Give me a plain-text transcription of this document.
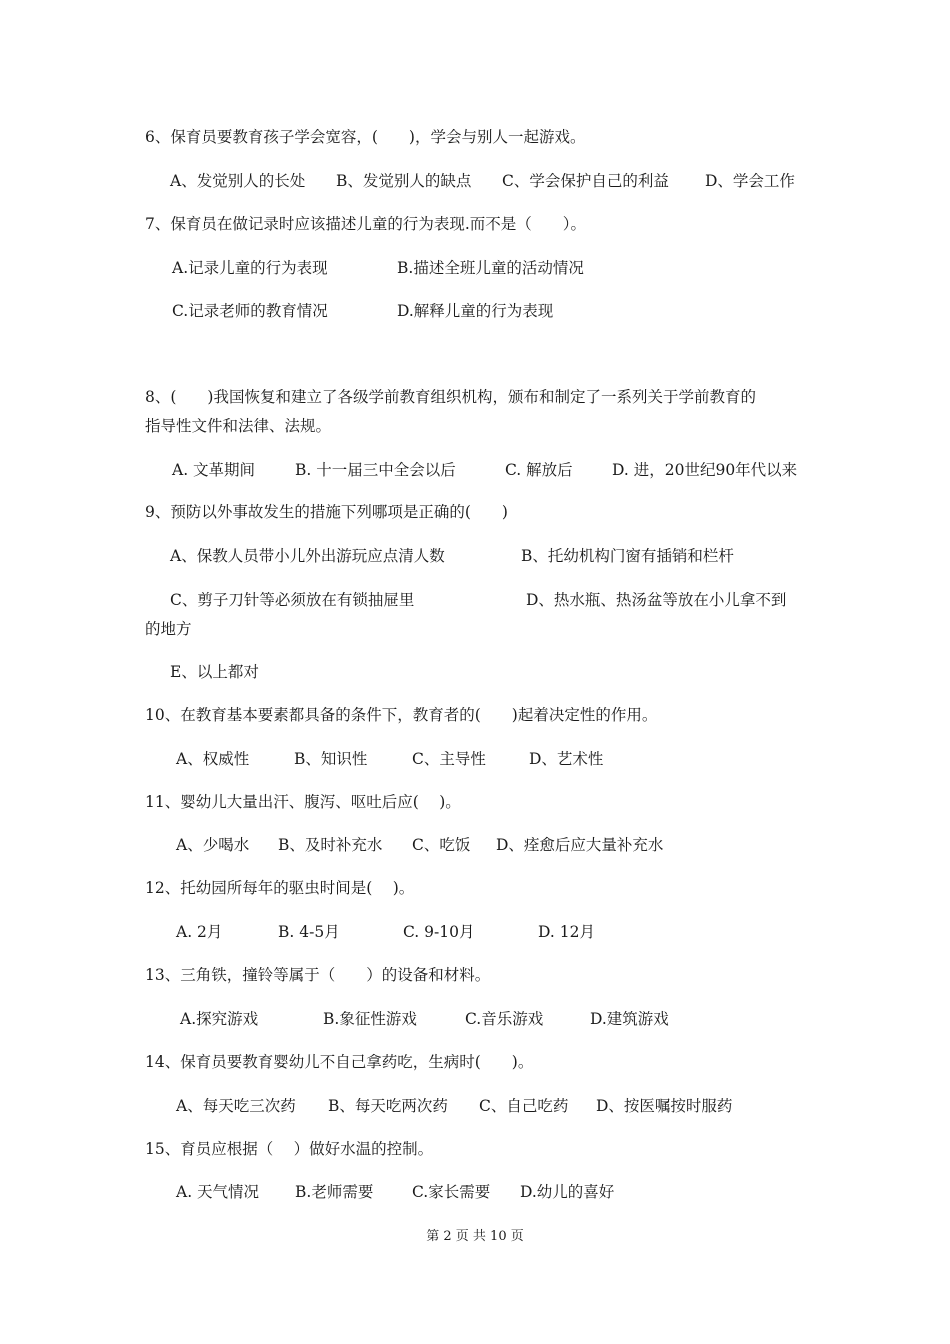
6、保育员要教育孩子学会宽容，(　　)，学会与别人一起游戏。
A、发觉别人的长处 B、发觉别人的缺点 C、学会保护自己的利益 D、学会工作
7、保育员在做记录时应该描述儿童的行为表现.而不是（　　）。
A.记录儿童的行为表现	B.描述全班儿童的活动情况
C.记录老师的教育情况	D.解释儿童的行为表现
8、(　　)我国恢复和建立了各级学前教育组织机构，颁布和制定了一系列关于学前教育的
指导性文件和法律、法规。
A. 文革期间	B. 十一届三中全会以后	C. 解放后	D. 进，20世纪90年代以来
9、预防以外事故发生的措施下列哪项是正确的(　　)
A、保教人员带小儿外出游玩应点清人数	B、托幼机构门窗有插销和栏杆
C、剪子刀针等必须放在有锁抽屉里	D、热水瓶、热汤盆等放在小儿拿不到
的地方
E、以上都对
10、在教育基本要素都具备的条件下，教育者的(　　)起着决定性的作用。
A、权威性	B、知识性	C、主导性	D、艺术性
11、婴幼儿大量出汗、腹泻、呕吐后应(　 )。
A、少喝水 B、及时补充水 C、吃饭 D、痊愈后应大量补充水
12、托幼园所每年的驱虫时间是(　 )。
A. 2月	B. 4-5月	C. 9-10月	D. 12月
13、三角铁，撞铃等属于（　　）的设备和材料。
A.探究游戏	B.象征性游戏	C.音乐游戏	D.建筑游戏
14、保育员要教育婴幼儿不自己拿药吃，生病时(　　)。
A、每天吃三次药 B、每天吃两次药 C、自己吃药 D、按医嘱按时服药
15、育员应根据（　 ）做好水温的控制。
A. 天气情况 B.老师需要 C.家长需要 D.幼儿的喜好
第 2 页 共 10 页
